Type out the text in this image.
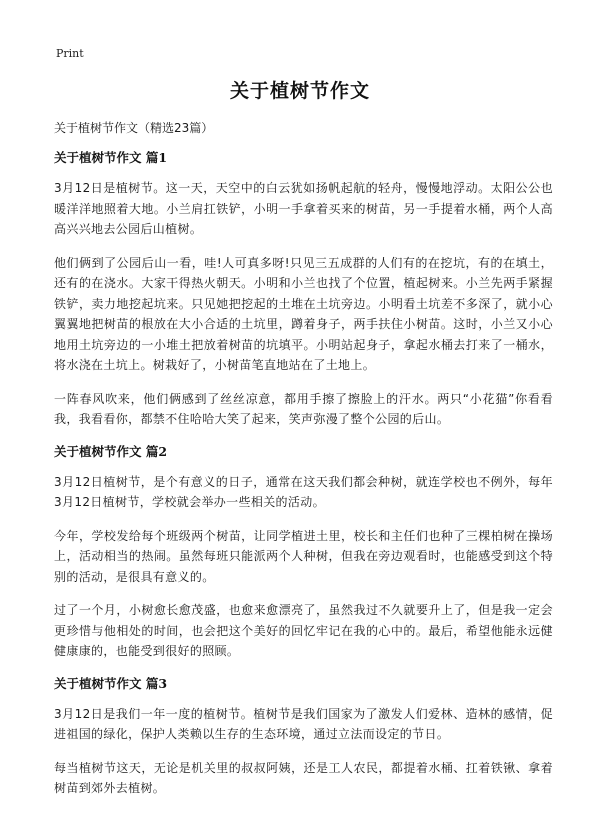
Print
关于植树节作文

关于植树节作文（精选23篇）

关于植树节作文 篇1

3月12日是植树节。这一天，天空中的白云犹如扬帆起航的轻舟，慢慢地浮动。太阳公公也暖洋洋地照着大地。小兰肩扛铁铲，小明一手拿着买来的树苗，另一手提着水桶，两个人高高兴兴地去公园后山植树。

他们俩到了公园后山一看，哇!人可真多呀!只见三五成群的人们有的在挖坑，有的在填土，还有的在浇水。大家干得热火朝天。小明和小兰也找了个位置，植起树来。小兰先两手紧握铁铲，卖力地挖起坑来。只见她把挖起的土堆在土坑旁边。小明看土坑差不多深了，就小心翼翼地把树苗的根放在大小合适的土坑里，蹲着身子，两手扶住小树苗。这时，小兰又小心地用土坑旁边的一小堆土把放着树苗的坑填平。小明站起身子，拿起水桶去打来了一桶水，将水浇在土坑上。树栽好了，小树苗笔直地站在了土地上。

一阵春风吹来，他们俩感到了丝丝凉意，都用手擦了擦脸上的汗水。两只“小花猫”你看看我，我看看你，都禁不住哈哈大笑了起来，笑声弥漫了整个公园的后山。

关于植树节作文 篇2

3月12日植树节，是个有意义的日子，通常在这天我们都会种树，就连学校也不例外，每年3月12日植树节，学校就会举办一些相关的活动。

今年，学校发给每个班级两个树苗，让同学植进土里，校长和主任们也种了三棵柏树在操场上，活动相当的热闹。虽然每班只能派两个人种树，但我在旁边观看时，也能感受到这个特别的活动，是很具有意义的。

过了一个月，小树愈长愈茂盛，也愈来愈漂亮了，虽然我过不久就要升上了，但是我一定会更珍惜与他相处的时间，也会把这个美好的回忆牢记在我的心中的。最后，希望他能永远健健康康的，也能受到很好的照顾。

关于植树节作文 篇3

3月12日是我们一年一度的植树节。植树节是我们国家为了激发人们爱林、造林的感情，促进祖国的绿化，保护人类赖以生存的生态环境，通过立法而设定的节日。

每当植树节这天，无论是机关里的叔叔阿姨，还是工人农民，都提着水桶、扛着铁锹、拿着树苗到郊外去植树。
